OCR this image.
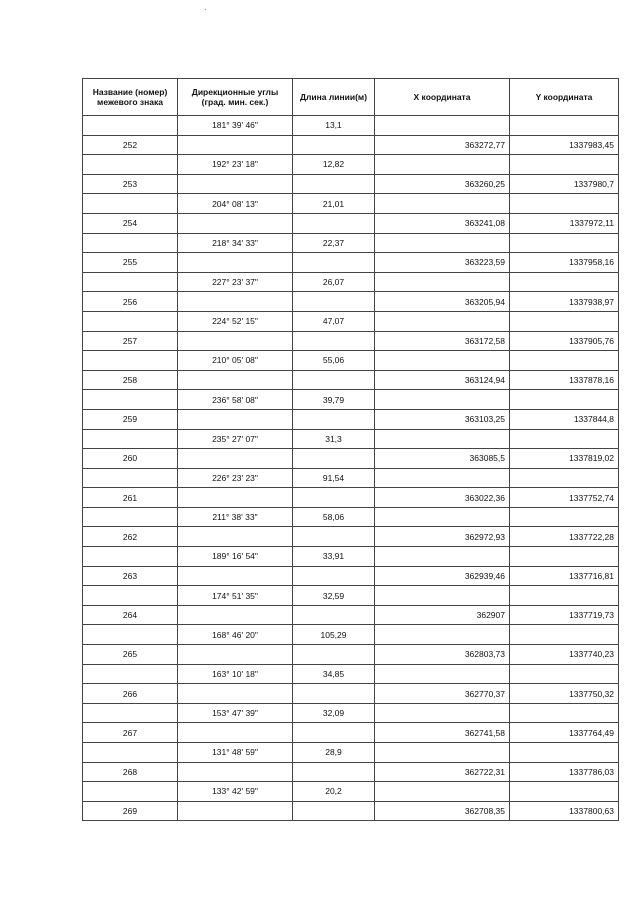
Название (номер) межевого знака	Дирекционные углы (град. мин. сек.)	Длина линии(м)	X координата	Y координата
	181° 39' 46"	13,1		
252			363272,77	1337983,45
	192° 23' 18"	12,82		
253			363260,25	1337980,7
	204° 08' 13"	21,01		
254			363241,08	1337972,11
	218° 34' 33"	22,37		
255			363223,59	1337958,16
	227° 23' 37"	26,07		
256			363205,94	1337938,97
	224° 52' 15"	47,07		
257			363172,58	1337905,76
	210° 05' 08"	55,06		
258			363124,94	1337878,16
	236° 58' 08"	39,79		
259			363103,25	1337844,8
	235° 27' 07"	31,3		
260			363085,5	1337819,02
	226° 23' 23"	91,54		
261			363022,36	1337752,74
	211° 38' 33"	58,06		
262			362972,93	1337722,28
	189° 16' 54"	33,91		
263			362939,46	1337716,81
	174° 51' 35"	32,59		
264			362907	1337719,73
	168° 46' 20"	105,29		
265			362803,73	1337740,23
	163° 10' 18"	34,85		
266			362770,37	1337750,32
	153° 47' 39"	32,09		
267			362741,58	1337764,49
	131° 48' 59"	28,9		
268			362722,31	1337786,03
	133° 42' 59"	20,2		
269			362708,35	1337800,63
